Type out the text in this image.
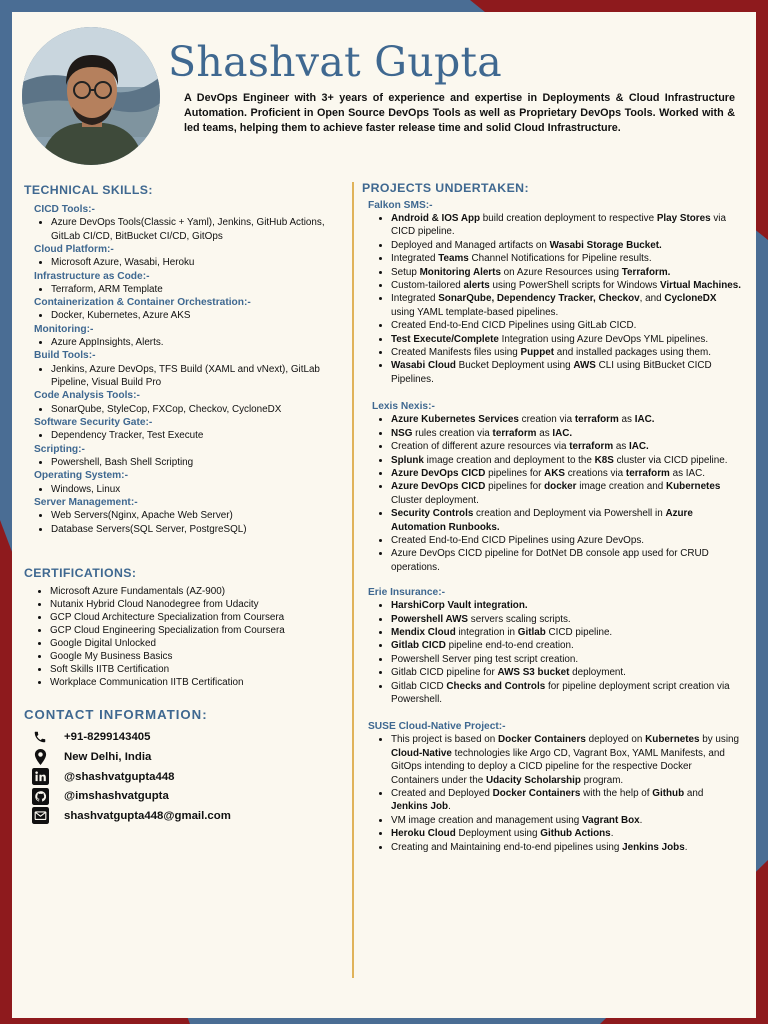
Shashvat Gupta

A DevOps Engineer with 3+ years of experience and expertise in Deployments & Cloud Infrastructure Automation. Proficient in Open Source DevOps Tools as well as Proprietary DevOps Tools. Worked with & led teams, helping them to achieve faster release time and solid Cloud Infrastructure.

TECHNICAL SKILLS:

CICD Tools:-

• Azure DevOps Tools(Classic + Yaml), Jenkins, GitHub Actions, GitLab CI/CD, BitBucket CI/CD, GitOps

Cloud Platform:-

• Microsoft Azure, Wasabi, Heroku

Infrastructure as Code:-

• Terraform, ARM Template

Containerization & Container Orchestration:-

• Docker, Kubernetes, Azure AKS

Monitoring:-

• Azure AppInsights, Alerts.

Build Tools:-

• Jenkins, Azure DevOps, TFS Build (XAML and vNext), GitLab Pipeline, Visual Build Pro

Code Analysis Tools:-

• SonarQube, StyleCop, FXCop, Checkov, CycloneDX

Software Security Gate:-

• Dependency Tracker, Test Execute

Scripting:-

• Powershell, Bash Shell Scripting

Operating System:-

• Windows, Linux

Server Management:-

• Web Servers(Nginx, Apache Web Server)
• Database Servers(SQL Server, PostgreSQL)

CERTIFICATIONS:

• Microsoft Azure Fundamentals (AZ-900)
• Nutanix Hybrid Cloud Nanodegree from Udacity
• GCP Cloud Architecture Specialization from Coursera
• GCP Cloud Engineering Specialization from Coursera
• Google Digital Unlocked
• Google My Business Basics
• Soft Skills IITB Certification
• Workplace Communication IITB Certification

CONTACT INFORMATION:

+91-8299143405
New Delhi, India
@shashvatgupta448
@imshashvatgupta
shashvatgupta448@gmail.com

PROJECTS UNDERTAKEN:

Falkon SMS:-

• Android & IOS App build creation deployment to respective Play Stores via CICD pipeline.
• Deployed and Managed artifacts on Wasabi Storage Bucket.
• Integrated Teams Channel Notifications for Pipeline results.
• Setup Monitoring Alerts on Azure Resources using Terraform.
• Custom-tailored alerts using PowerShell scripts for Windows Virtual Machines.
• Integrated SonarQube, Dependency Tracker, Checkov, and CycloneDX using YAML template-based pipelines.
• Created End-to-End CICD Pipelines using GitLab CICD.
• Test Execute/Complete Integration using Azure DevOps YML pipelines.
• Created Manifests files using Puppet and installed packages using them.
• Wasabi Cloud Bucket Deployment using AWS CLI using BitBucket CICD Pipelines.

Lexis Nexis:-

• Azure Kubernetes Services creation via terraform as IAC.
• NSG rules creation via terraform as IAC.
• Creation of different azure resources via terraform as IAC.
• Splunk image creation and deployment to the K8S cluster via CICD pipeline.
• Azure DevOps CICD pipelines for AKS creations via terraform as IAC.
• Azure DevOps CICD pipelines for docker image creation and Kubernetes Cluster deployment.
• Security Controls creation and Deployment via Powershell in Azure Automation Runbooks.
• Created End-to-End CICD Pipelines using Azure DevOps.
• Azure DevOps CICD pipeline for DotNet DB console app used for CRUD operations.

Erie Insurance:-

• HarshiCorp Vault integration.
• Powershell AWS servers scaling scripts.
• Mendix Cloud integration in Gitlab CICD pipeline.
• Gitlab CICD pipeline end-to-end creation.
• Powershell Server ping test script creation.
• Gitlab CICD pipeline for AWS S3 bucket deployment.
• Gitlab CICD Checks and Controls for pipeline deployment script creation via Powershell.

SUSE Cloud-Native Project:-

• This project is based on Docker Containers deployed on Kubernetes by using Cloud-Native technologies like Argo CD, Vagrant Box, YAML Manifests, and GitOps intending to deploy a CICD pipeline for the respective Docker Containers under the Udacity Scholarship program.
• Created and Deployed Docker Containers with the help of Github and Jenkins Job.
• VM image creation and management using Vagrant Box.
• Heroku Cloud Deployment using Github Actions.
• Creating and Maintaining end-to-end pipelines using Jenkins Jobs.
